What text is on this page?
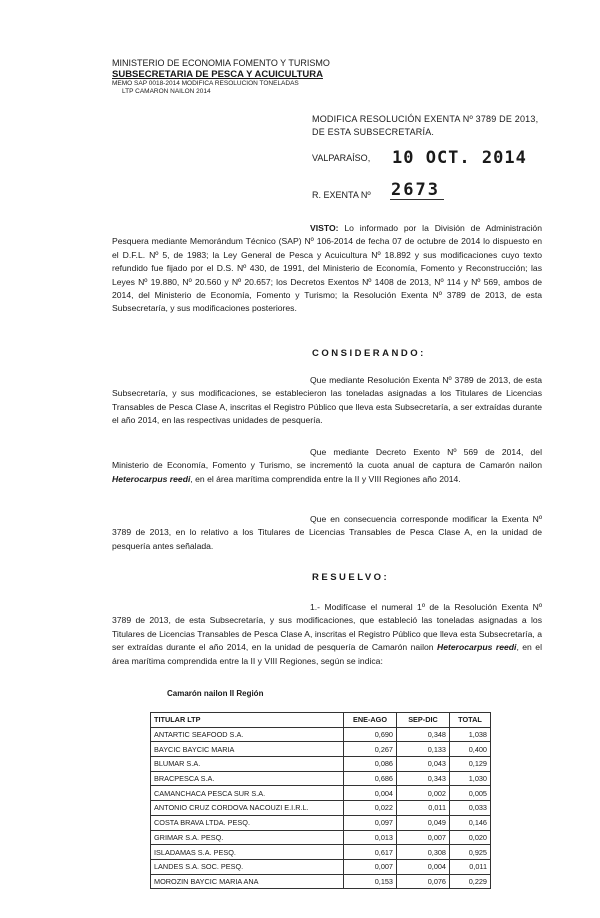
MINISTERIO DE ECONOMIA FOMENTO Y TURISMO
SUBSECRETARIA DE PESCA Y ACUICULTURA
MEMO SAP 0018-2014 MODIFICA RESOLUCION TONELADAS
LTP CAMARON NAILON 2014
MODIFICA RESOLUCIÓN EXENTA Nº 3789 DE 2013,
DE ESTA SUBSECRETARÍA.
VALPARAÍSO, 10 OCT. 2014
R. EXENTA Nº 2673
VISTO: Lo informado por la División de Administración Pesquera mediante Memorándum Técnico (SAP) Nº 106-2014 de fecha 07 de octubre de 2014 lo dispuesto en el D.F.L. Nº 5, de 1983; la Ley General de Pesca y Acuicultura Nº 18.892 y sus modificaciones cuyo texto refundido fue fijado por el D.S. Nº 430, de 1991, del Ministerio de Economía, Fomento y Reconstrucción; las Leyes Nº 19.880, Nº 20.560 y Nº 20.657; los Decretos Exentos Nº 1408 de 2013, Nº 114 y Nº 569, ambos de 2014, del Ministerio de Economía, Fomento y Turismo; la Resolución Exenta Nº 3789 de 2013, de esta Subsecretaría, y sus modificaciones posteriores.
CONSIDERANDO:
Que mediante Resolución Exenta Nº 3789 de 2013, de esta Subsecretaría, y sus modificaciones, se establecieron las toneladas asignadas a los Titulares de Licencias Transables de Pesca Clase A, inscritas el Registro Público que lleva esta Subsecretaría, a ser extraídas durante el año 2014, en las respectivas unidades de pesquería.
Que mediante Decreto Exento Nº 569 de 2014, del Ministerio de Economía, Fomento y Turismo, se incrementó la cuota anual de captura de Camarón nailon Heterocarpus reedi, en el área marítima comprendida entre la II y VIII Regiones año 2014.
Que en consecuencia corresponde modificar la Exenta Nº 3789 de 2013, en lo relativo a los Titulares de Licencias Transables de Pesca Clase A, en la unidad de pesquería antes señalada.
RESUELVO:
1.- Modifícase el numeral 1º de la Resolución Exenta Nº 3789 de 2013, de esta Subsecretaría, y sus modificaciones, que estableció las toneladas asignadas a los Titulares de Licencias Transables de Pesca Clase A, inscritas el Registro Público que lleva esta Subsecretaría, a ser extraídas durante el año 2014, en la unidad de pesquería de Camarón nailon Heterocarpus reedi, en el área marítima comprendida entre la II y VIII Regiones, según se indica:
Camarón nailon II Región
TITULAR LTP	ENE-AGO	SEP-DIC	TOTAL
ANTARTIC SEAFOOD S.A.	0,690	0,348	1,038
BAYCIC BAYCIC MARIA	0,267	0,133	0,400
BLUMAR S.A.	0,086	0,043	0,129
BRACPESCA S.A.	0,686	0,343	1,030
CAMANCHACA PESCA SUR S.A.	0,004	0,002	0,005
ANTONIO CRUZ CORDOVA NACOUZI E.I.R.L.	0,022	0,011	0,033
COSTA BRAVA LTDA. PESQ.	0,097	0,049	0,146
GRIMAR S.A. PESQ.	0,013	0,007	0,020
ISLADAMAS S.A. PESQ.	0,617	0,308	0,925
LANDES S.A. SOC. PESQ.	0,007	0,004	0,011
MOROZIN BAYCIC MARIA ANA	0,153	0,076	0,229
